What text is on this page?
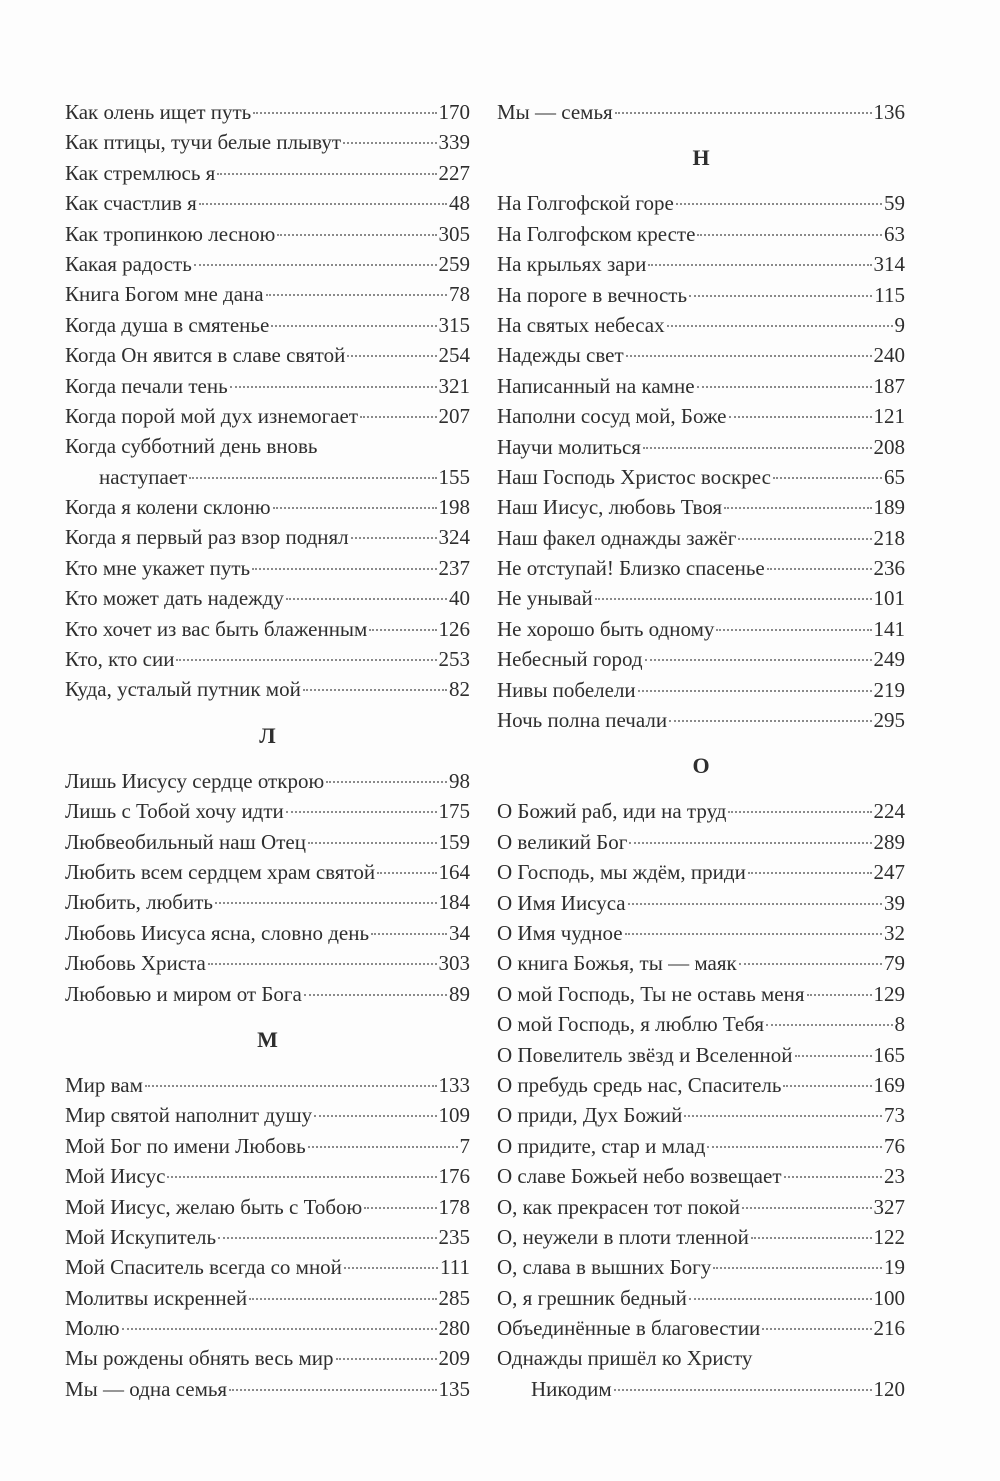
Как олень ищет путь	170
Как птицы, тучи белые плывут	339
Как стремлюсь я	227
Как счастлив я	48
Как тропинкою лесною	305
Какая радость	259
Книга Богом мне дана	78
Когда душа в смятенье	315
Когда Он явится в славе святой	254
Когда печали тень	321
Когда порой мой дух изнемогает	207
Когда субботний день вновь
наступает	155
Когда я колени склоню	198
Когда я первый раз взор поднял	324
Кто мне укажет путь	237
Кто может дать надежду	40
Кто хочет из вас быть блаженным	126
Кто, кто сии	253
Куда, усталый путник мой	82
Л
Лишь Иисусу сердце открою	98
Лишь с Тобой хочу идти	175
Любвеобильный наш Отец	159
Любить всем сердцем храм святой	164
Любить, любить	184
Любовь Иисуса ясна, словно день	34
Любовь Христа	303
Любовью и миром от Бога	89
М
Мир вам	133
Мир святой наполнит душу	109
Мой Бог по имени Любовь	7
Мой Иисус	176
Мой Иисус, желаю быть с Тобою	178
Мой Искупитель	235
Мой Спаситель всегда со мной	111
Молитвы искренней	285
Молю	280
Мы рождены обнять весь мир	209
Мы — одна семья	135
Мы — семья	136
Н
На Голгофской горе	59
На Голгофском кресте	63
На крыльях зари	314
На пороге в вечность	115
На святых небесах	9
Надежды свет	240
Написанный на камне	187
Наполни сосуд мой, Боже	121
Научи молиться	208
Наш Господь Христос воскрес	65
Наш Иисус, любовь Твоя	189
Наш факел однажды зажёг	218
Не отступай! Близко спасенье	236
Не унывай	101
Не хорошо быть одному	141
Небесный город	249
Нивы побелели	219
Ночь полна печали	295
О
О Божий раб, иди на труд	224
О великий Бог	289
О Господь, мы ждём, приди	247
О Имя Иисуса	39
О Имя чудное	32
О книга Божья, ты — маяк	79
О мой Господь, Ты не оставь меня	129
О мой Господь, я люблю Тебя	8
О Повелитель звёзд и Вселенной	165
О пребудь средь нас, Спаситель	169
О приди, Дух Божий	73
О придите, стар и млад	76
О славе Божьей небо возвещает	23
О, как прекрасен тот покой	327
О, неужели в плоти тленной	122
О, слава в вышних Богу	19
О, я грешник бедный	100
Объединённые в благовестии	216
Однажды пришёл ко Христу
Никодим	120
